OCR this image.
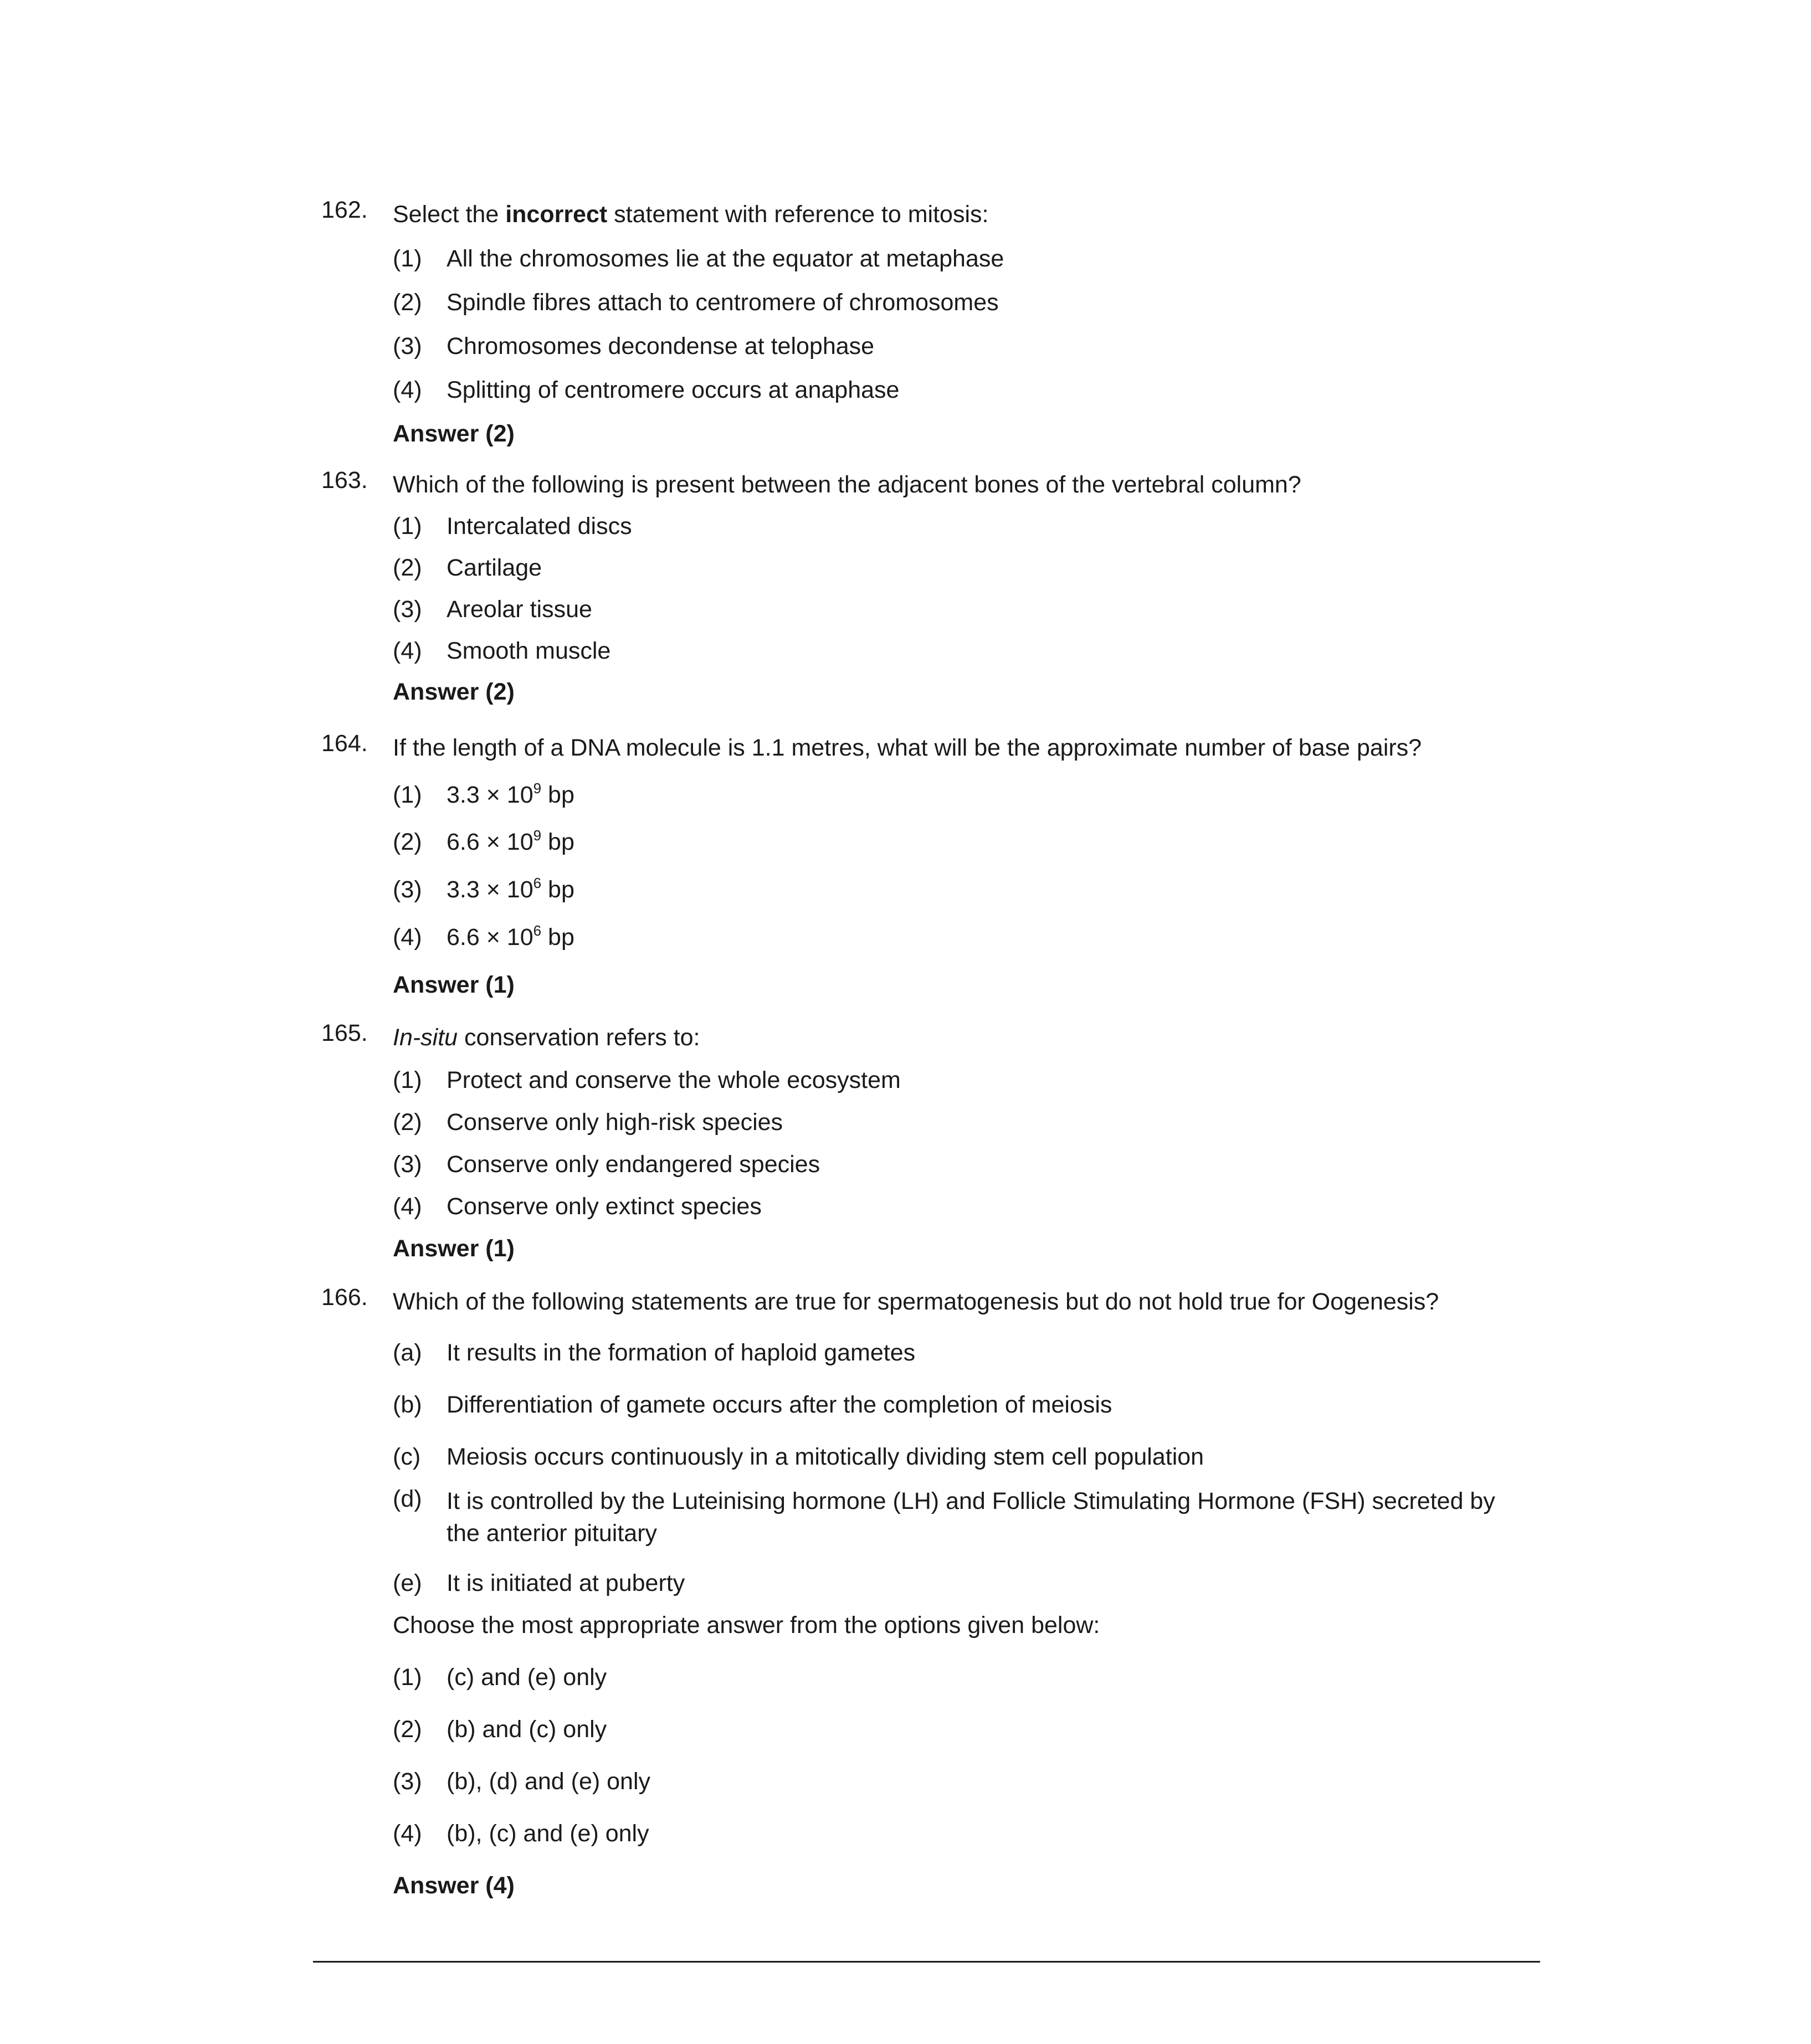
162.	Select the incorrect statement with reference to mitosis:
(1) All the chromosomes lie at the equator at metaphase
(2) Spindle fibres attach to centromere of chromosomes
(3) Chromosomes decondense at telophase
(4) Splitting of centromere occurs at anaphase
Answer (2)
163.	Which of the following is present between the adjacent bones of the vertebral column?
(1) Intercalated discs
(2) Cartilage
(3) Areolar tissue
(4) Smooth muscle
Answer (2)
164.	If the length of a DNA molecule is 1.1 metres, what will be the approximate number of base pairs?
(1) $3.3 \times 10^9$ bp
(2) $6.6 \times 10^9$ bp
(3) $3.3 \times 10^6$ bp
(4) $6.6 \times 10^6$ bp
Answer (1)
165.	In-situ conservation refers to:
(1) Protect and conserve the whole ecosystem
(2) Conserve only high-risk species
(3) Conserve only endangered species
(4) Conserve only extinct species
Answer (1)
166.	Which of the following statements are true for spermatogenesis but do not hold true for Oogenesis?
(a) It results in the formation of haploid gametes
(b) Differentiation of gamete occurs after the completion of meiosis
(c) Meiosis occurs continuously in a mitotically dividing stem cell population
(d) It is controlled by the Luteinising hormone (LH) and Follicle Stimulating Hormone (FSH) secreted by the anterior pituitary
(e) It is initiated at puberty
Choose the most appropriate answer from the options given below:
(1) (c) and (e) only
(2) (b) and (c) only
(3) (b), (d) and (e) only
(4) (b), (c) and (e) only
Answer (4)
